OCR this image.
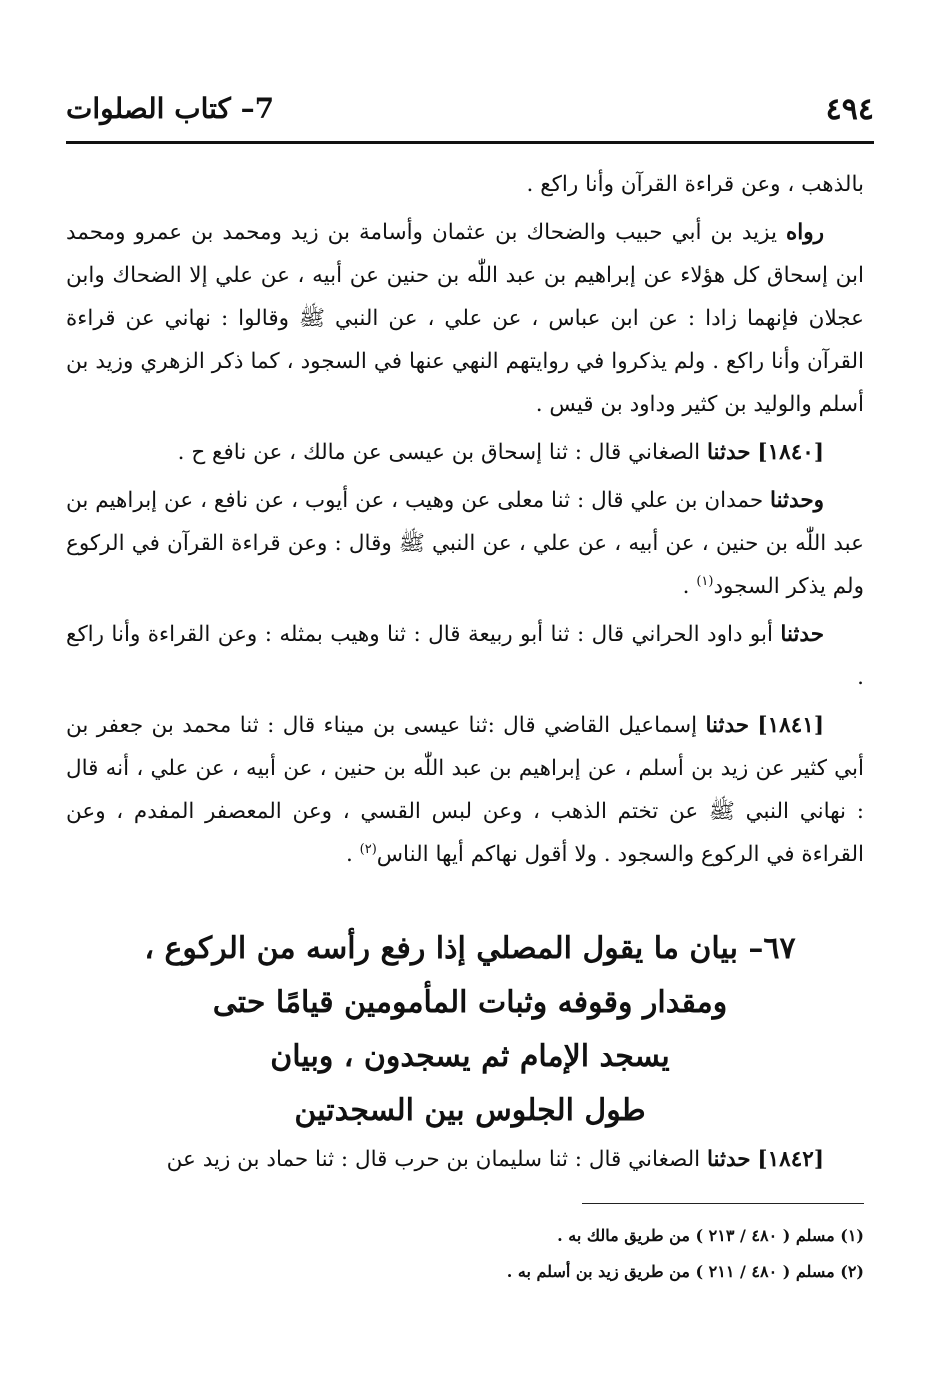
٤٩٤
7– كتاب الصلوات

بالذهب ، وعن قراءة القرآن وأنا راكع .

رواه يزيد بن أبي حبيب والضحاك بن عثمان وأسامة بن زيد ومحمد بن عمرو ومحمد ابن إسحاق كل هؤلاء عن إبراهيم بن عبد اللّٰه بن حنين عن أبيه ، عن علي إلا الضحاك وابن عجلان فإنهما زادا : عن ابن عباس ، عن علي ، عن النبي ﷺ وقالوا : نهاني عن قراءة القرآن وأنا راكع . ولم يذكروا في روايتهم النهي عنها في السجود ، كما ذكر الزهري وزيد بن أسلم والوليد بن كثير وداود بن قيس .

[١٨٤٠] حدثنا الصغاني قال : ثنا إسحاق بن عيسى عن مالك ، عن نافع ح .

وحدثنا حمدان بن علي قال : ثنا معلى عن وهيب ، عن أيوب ، عن نافع ، عن إبراهيم بن عبد اللّٰه بن حنين ، عن أبيه ، عن علي ، عن النبي ﷺ وقال : وعن قراءة القرآن في الركوع ولم يذكر السجود$^{(١)}$ .

حدثنا أبو داود الحراني قال : ثنا أبو ربيعة قال : ثنا وهيب بمثله : وعن القراءة وأنا راكع .

[١٨٤١] حدثنا إسماعيل القاضي قال :ثنا عيسى بن ميناء قال : ثنا محمد بن جعفر بن أبي كثير عن زيد بن أسلم ، عن إبراهيم بن عبد اللّٰه بن حنين ، عن أبيه ، عن علي ، أنه قال : نهاني النبي ﷺ عن تختم الذهب ، وعن لبس القسي ، وعن المعصفر المفدم ، وعن القراءة في الركوع والسجود . ولا أقول نهاكم أيها الناس$^{(٢)}$ .

٦٧– بيان ما يقول المصلي إذا رفع رأسه من الركوع ،
ومقدار وقوفه وثبات المأمومين قيامًا حتى
يسجد الإمام ثم يسجدون ، وبيان
طول الجلوس بين السجدتين

[١٨٤٢] حدثنا الصغاني قال : ثنا سليمان بن حرب قال : ثنا حماد بن زيد عن

(١) مسلم ( ٤٨٠ / ٢١٣ ) من طريق مالك به .
(٢) مسلم ( ٤٨٠ / ٢١١ ) من طريق زيد بن أسلم به .
